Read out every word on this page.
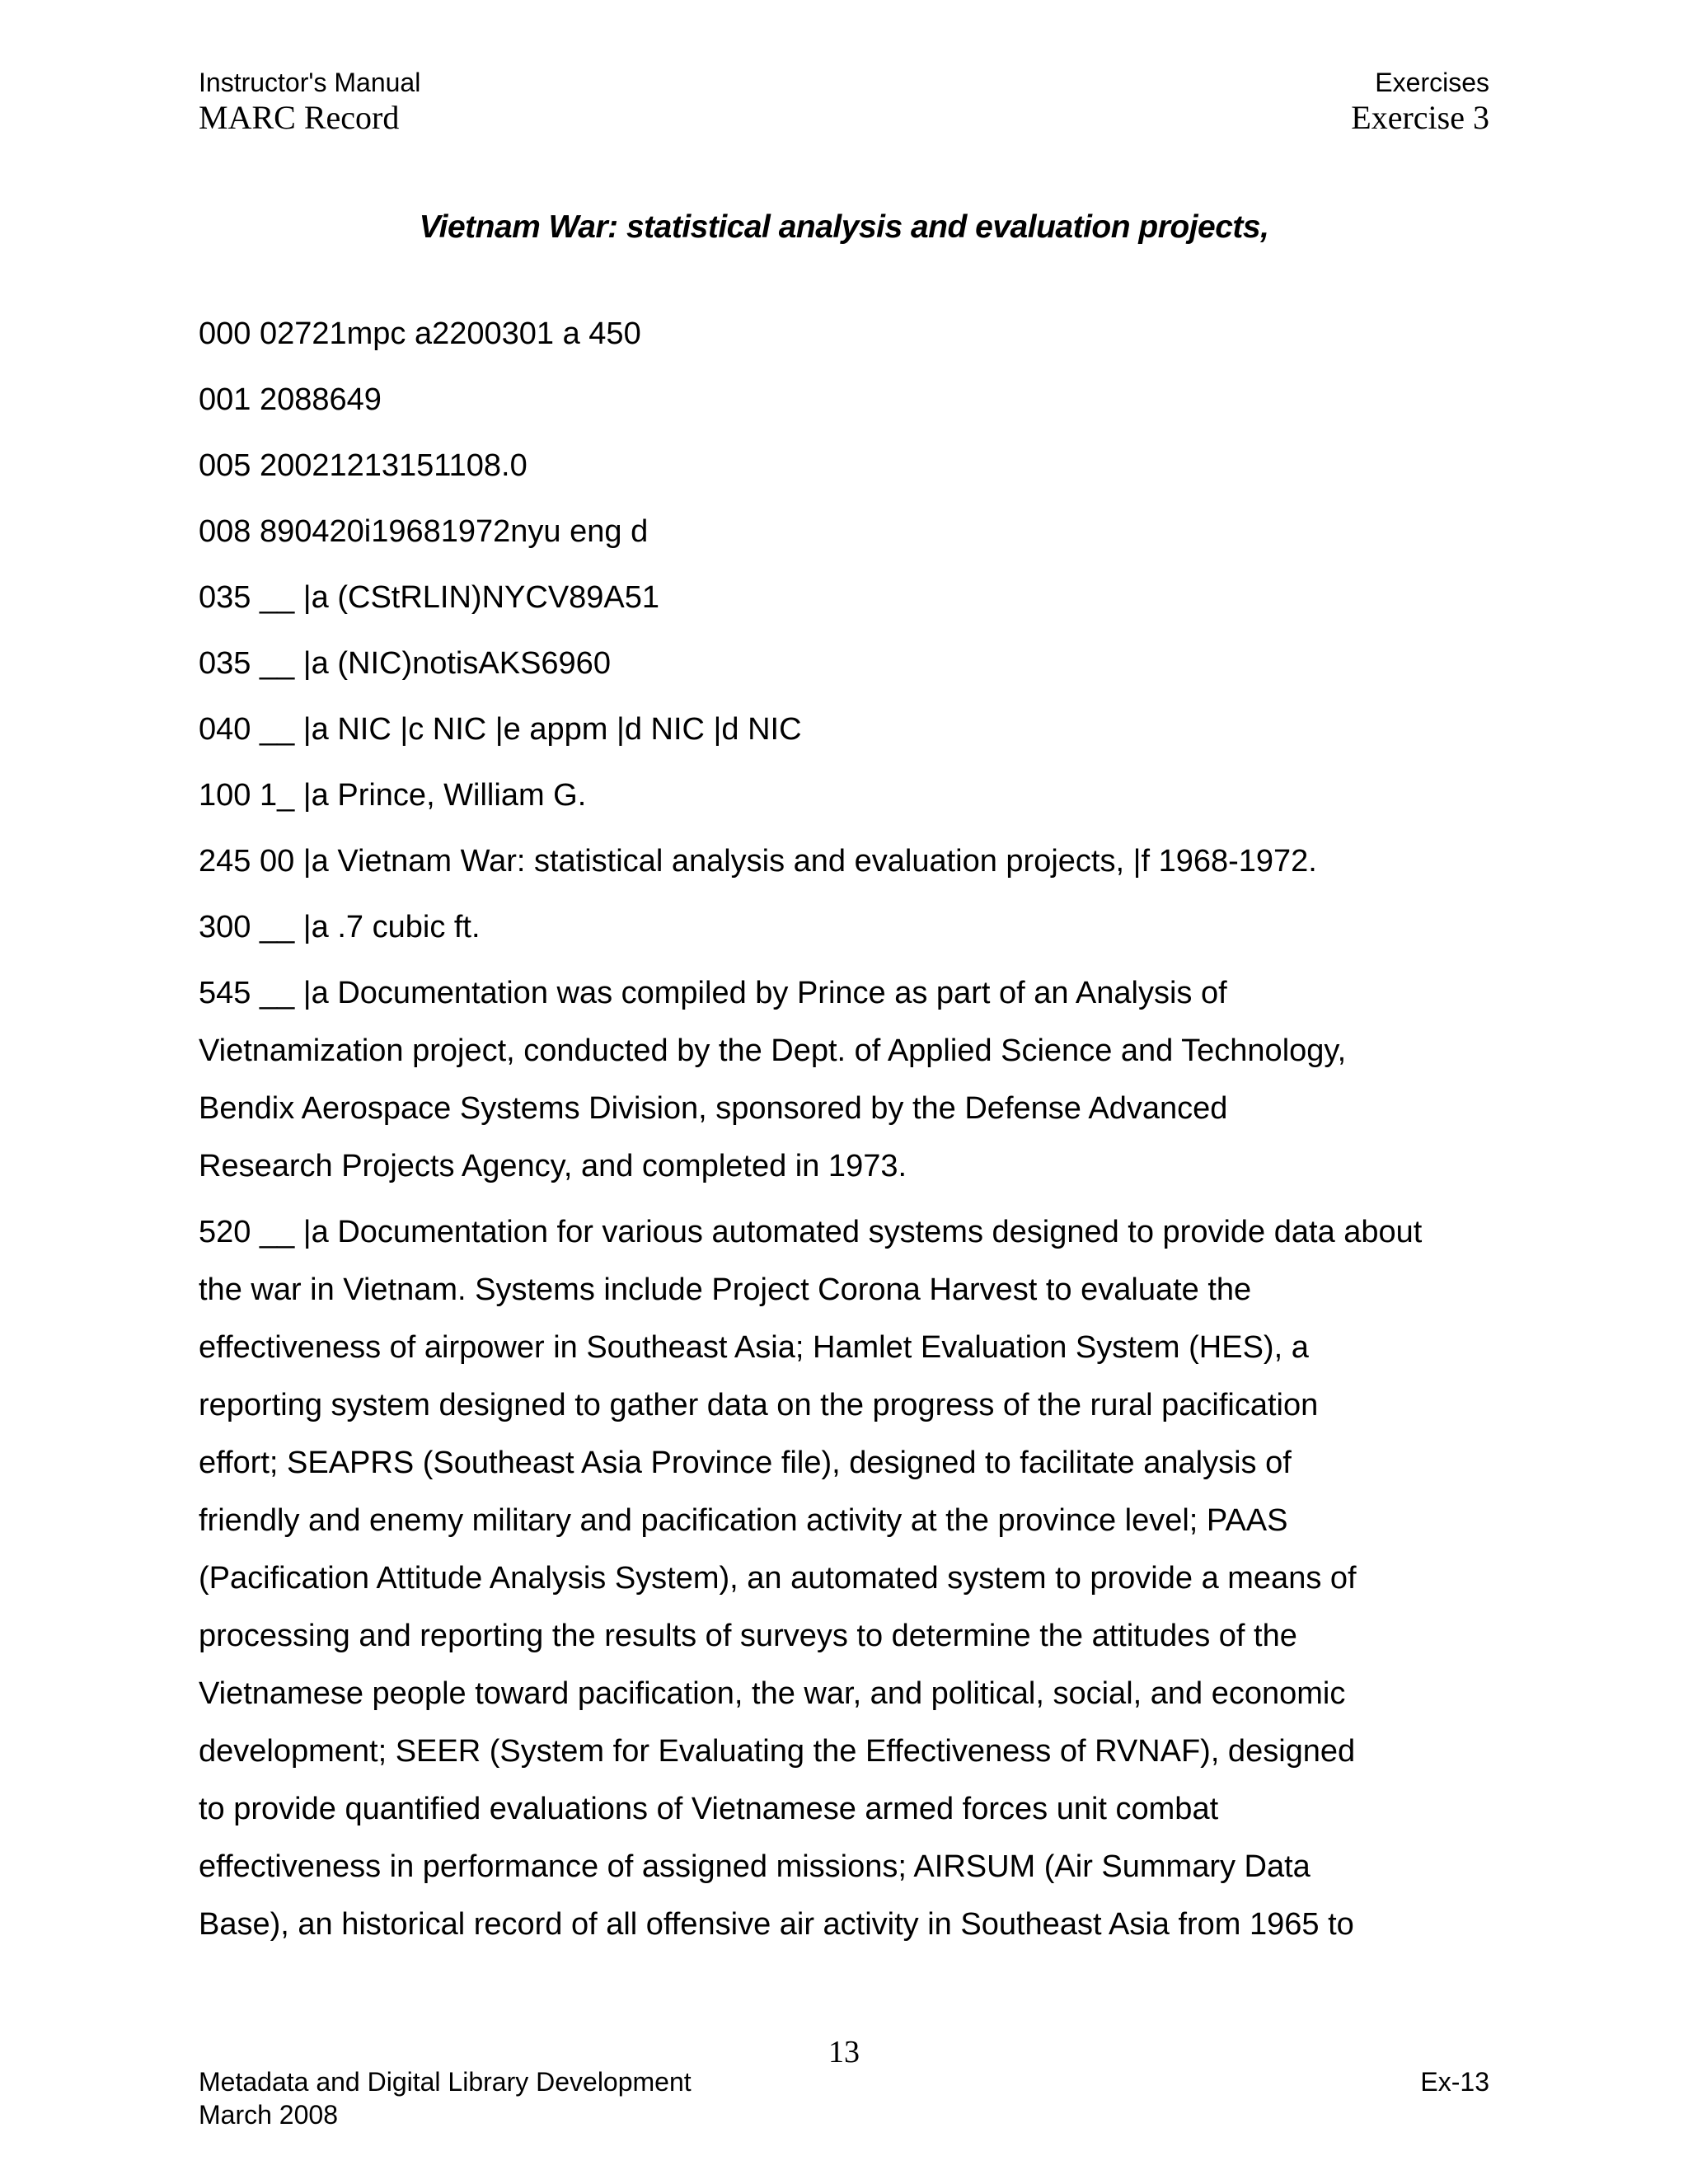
Instructor's Manual
MARC Record
Exercises
Exercise 3
Vietnam War: statistical analysis and evaluation projects,
000 02721mpc a2200301 a 450
001 2088649
005 20021213151108.0
008 890420i19681972nyu eng d
035 __ |a (CStRLIN)NYCV89A51
035 __ |a (NIC)notisAKS6960
040 __ |a NIC |c NIC |e appm |d NIC |d NIC
100 1_ |a Prince, William G.
245 00 |a Vietnam War: statistical analysis and evaluation projects, |f 1968-1972.
300 __ |a .7 cubic ft.
545 __ |a Documentation was compiled by Prince as part of an Analysis of
Vietnamization project, conducted by the Dept. of Applied Science and Technology,
Bendix Aerospace Systems Division, sponsored by the Defense Advanced
Research Projects Agency, and completed in 1973.
520 __ |a Documentation for various automated systems designed to provide data about
the war in Vietnam. Systems include Project Corona Harvest to evaluate the
effectiveness of airpower in Southeast Asia; Hamlet Evaluation System (HES), a
reporting system designed to gather data on the progress of the rural pacification
effort; SEAPRS (Southeast Asia Province file), designed to facilitate analysis of
friendly and enemy military and pacification activity at the province level; PAAS
(Pacification Attitude Analysis System), an automated system to provide a means of
processing and reporting the results of surveys to determine the attitudes of the
Vietnamese people toward pacification, the war, and political, social, and economic
development; SEER (System for Evaluating the Effectiveness of RVNAF), designed
to provide quantified evaluations of Vietnamese armed forces unit combat
effectiveness in performance of assigned missions; AIRSUM (Air Summary Data
Base), an historical record of all offensive air activity in Southeast Asia from 1965 to
13
Metadata and Digital Library Development
March 2008
Ex-13
